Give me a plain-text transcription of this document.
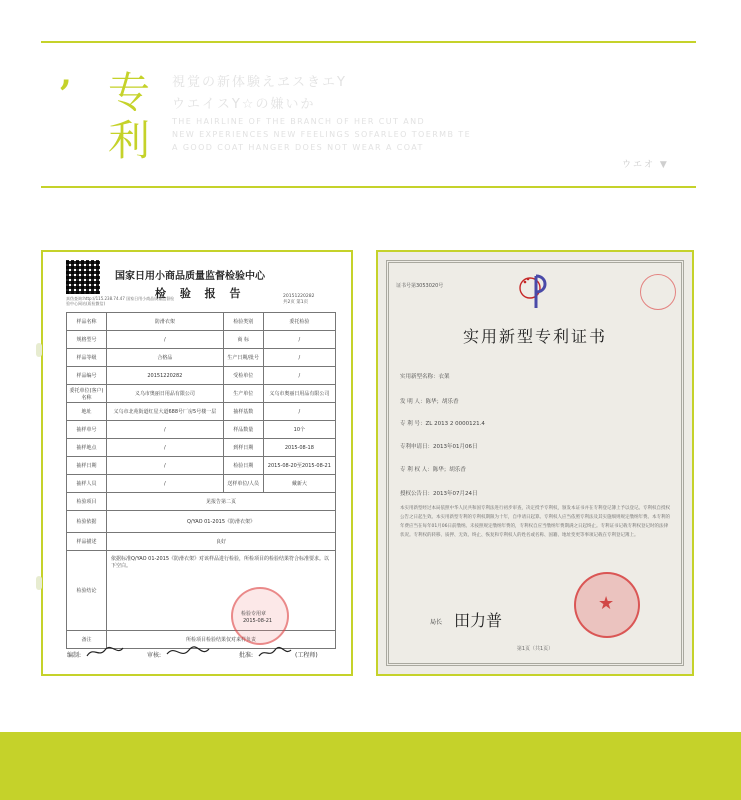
, 专
利
視覚の新体験えヱスきエY
ウエイスY☆の嫌いか
THE HAIRLINE OF THE BRANCH OF HER CUT AND
NEW EXPERIENCES NEW FEELINGS SOFARLEO TOERMB TE
A GOOD COAT HANGER DOES NOT WEAR A COAT
ウエオ ▼
真伪查询:http://115.238.74.47 国家日用小商品质量监督检验中心网站(质检微信)
国家日用小商品质量监督检验中心
检 验 报 告	20151220282
共2页 第1页
样品名称	防滑衣架	检验类别	委托检验
规格型号	/	商 标	/
样品等级	合格品	生产日期/批号	/
样品编号	20151220282	受检单位	/
委托单位(客户)名称	义乌市奥丽日用品有限公司	生产单位	义乌市奥丽日用品有限公司
地址	义乌市北苑街道红星大道688号厂房5号楼一层	抽样基数	/
抽样单号	/	样品数量	10个
抽样地点	/	到样日期	2015-08-18
抽样日期	/	检验日期	2015-08-20至2015-08-21
抽样人员	/	送样单位/人员	戴新大
检验项目	见报告第二页		
检验依据	Q/YAO 01-2015《防滑衣架》		
样品描述	良好		
检验结论	依据标准Q/YAO 01-2015《防滑衣架》对该样品进行检验，所检项目的检验结果符合标准要求。以下空白。		
备注	所检项目检验结果仅对来样负责		
检验专用章
2015-08-21
编制:	审核:	批准:	(工程师)
证书号第3053020号
实用新型专利证书
实用新型名称：衣架
发 明 人：陈华；胡乐香
专 利 号：ZL 2013 2 0000121.4
专利申请日：2013年01月06日
专 利 权 人：陈华；胡乐香
授权公告日：2013年07月24日
本实用新型经过本局依照中华人民共和国专利法进行初步审查，决定授予专利权，颁发本证书并在专利登记簿上予以登记。专利权自授权公告之日起生效。本实用新型专利的专利权期限为十年，自申请日起算。专利权人应当依照专利法及其实施细则规定缴纳年费。本专利的年费应当在每年01月06日前缴纳。未按照规定缴纳年费的，专利权自应当缴纳年费期满之日起终止。专利证书记载专利权登记时的法律状况。专利权的转移、质押、无效、终止、恢复和专利权人的姓名或名称、国籍、地址变更等事项记载在专利登记簿上。
★
局长 田力普
第1页（共1页）
